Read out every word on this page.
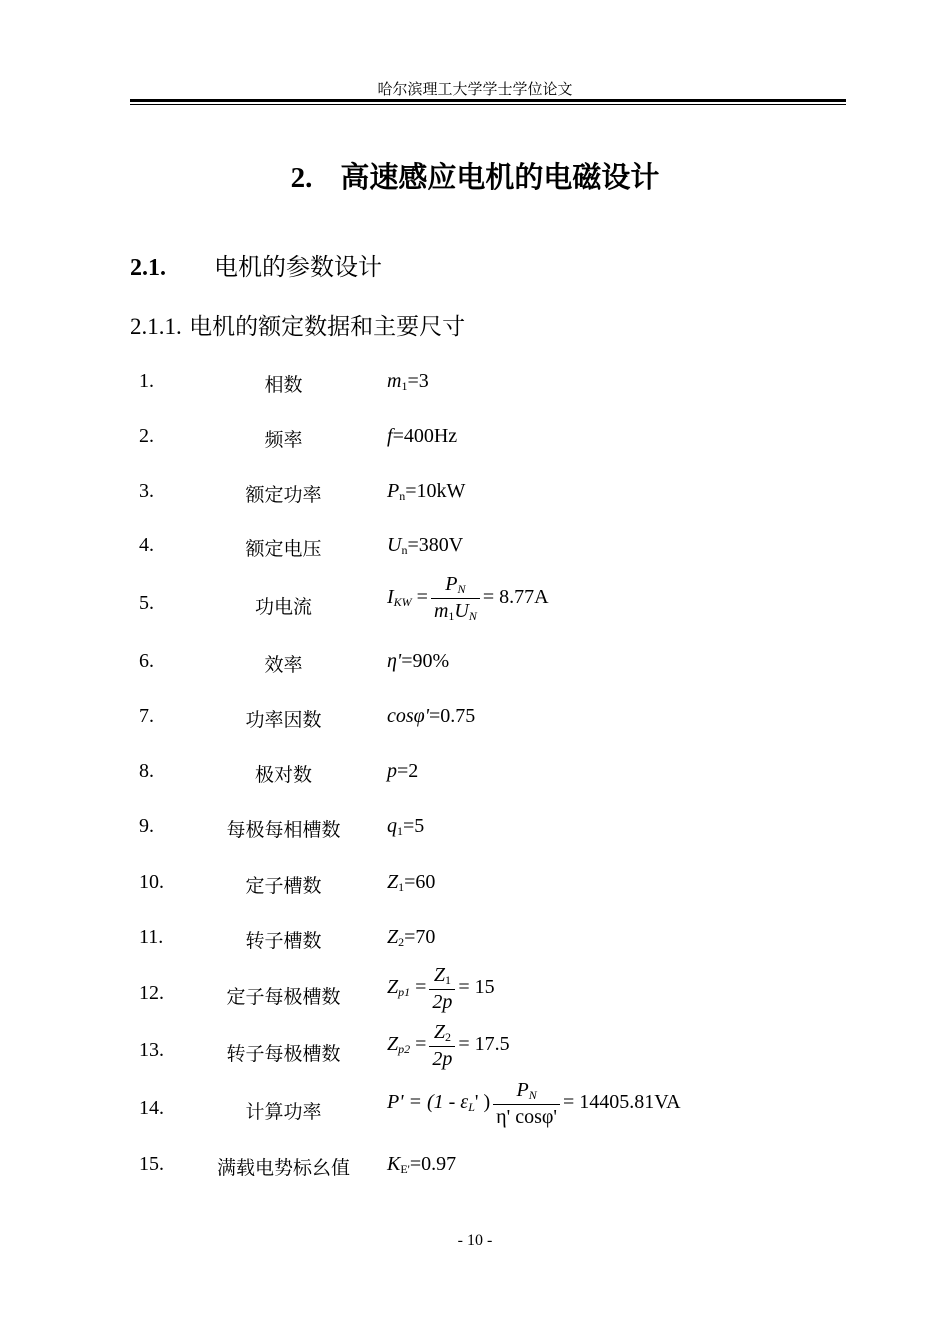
哈尔滨理工大学学士学位论文
2. 高速感应电机的电磁设计
2.1. 电机的参数设计
2.1.1. 电机的额定数据和主要尺寸
1.	相数	m1=3
2.	频率	f=400Hz
3.	额定功率	Pn=10kW
4.	额定电压	Un=380V
5.	功电流	IKW = $\frac{PN}{m1UN} = 8.77A$
6.	效率	η'=90%
7.	功率因数	cosφ'=0.75
8.	极对数	p=2
9.	每极每相槽数	q1=5
10.	定子槽数	Z1=60
11.	转子槽数	Z2=70
12.	定子每极槽数	$Zp1 = \frac{Z1}{2p} = 15$
13.	转子每极槽数	$Zp2 = \frac{Z2}{2p} = 17.5$
14.	计算功率	P' = (1 - εL' ) $\frac{PN}{\eta' \cos\varphi'} = 14405.81VA$
15.	满载电势标幺值	KE'=0.97
- 10 -
